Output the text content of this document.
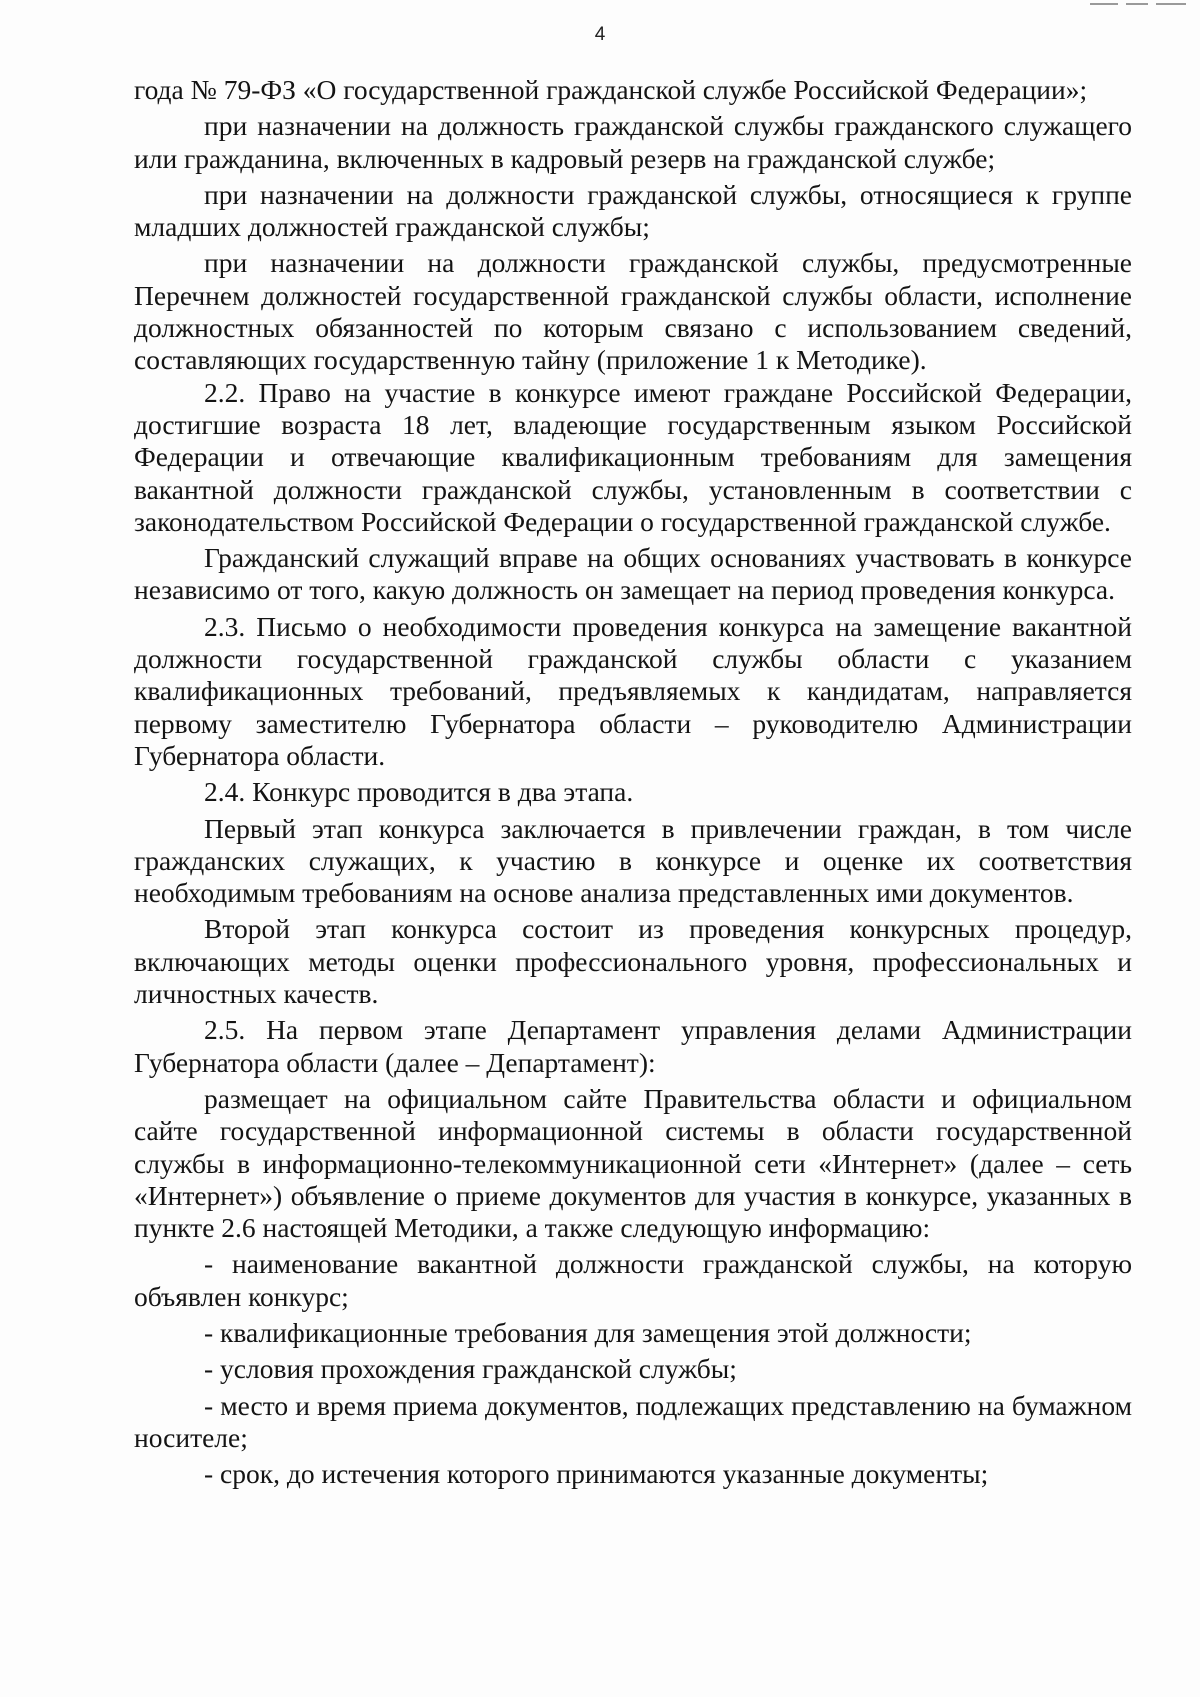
4

года № 79-ФЗ «О государственной гражданской службе Российской Федерации»;

при назначении на должность гражданской службы гражданского служащего или гражданина, включенных в кадровый резерв на гражданской службе;

при назначении на должности гражданской службы, относящиеся к группе младших должностей гражданской службы;

при назначении на должности гражданской службы, предусмотренные Перечнем должностей государственной гражданской службы области, исполнение должностных обязанностей по которым связано с использованием сведений, составляющих государственную тайну (приложение 1 к Методике).

2.2. Право на участие в конкурсе имеют граждане Российской Федерации, достигшие возраста 18 лет, владеющие государственным языком Российской Федерации и отвечающие квалификационным требованиям для замещения вакантной должности гражданской службы, установленным в соответствии с законодательством Российской Федерации о государственной гражданской службе.

Гражданский служащий вправе на общих основаниях участвовать в конкурсе независимо от того, какую должность он замещает на период проведения конкурса.

2.3. Письмо о необходимости проведения конкурса на замещение вакантной должности государственной гражданской службы области с указанием квалификационных требований, предъявляемых к кандидатам, направляется первому заместителю Губернатора области – руководителю Администрации Губернатора области.

2.4. Конкурс проводится в два этапа.

Первый этап конкурса заключается в привлечении граждан, в том числе гражданских служащих, к участию в конкурсе и оценке их соответствия необходимым требованиям на основе анализа представленных ими документов.

Второй этап конкурса состоит из проведения конкурсных процедур, включающих методы оценки профессионального уровня, профессиональных и личностных качеств.

2.5. На первом этапе Департамент управления делами Администрации Губернатора области (далее – Департамент):

размещает на официальном сайте Правительства области и официальном сайте государственной информационной системы в области государственной службы в информационно-телекоммуникационной сети «Интернет» (далее – сеть «Интернет») объявление о приеме документов для участия в конкурсе, указанных в пункте 2.6 настоящей Методики, а также следующую информацию:

- наименование вакантной должности гражданской службы, на которую объявлен конкурс;

- квалификационные требования для замещения этой должности;

- условия прохождения гражданской службы;

- место и время приема документов, подлежащих представлению на бумажном носителе;

- срок, до истечения которого принимаются указанные документы;
